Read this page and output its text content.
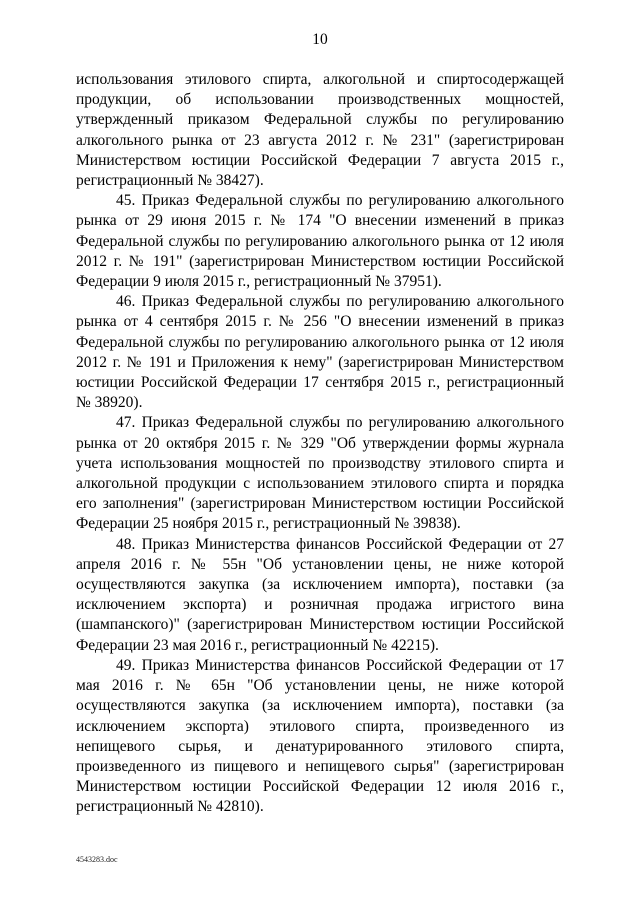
10

использования этилового спирта, алкогольной и спиртосодержащей продукции, об использовании производственных мощностей, утвержденный приказом Федеральной службы по регулированию алкогольного рынка от 23 августа 2012 г. № 231" (зарегистрирован Министерством юстиции Российской Федерации 7 августа 2015 г., регистрационный № 38427).

45. Приказ Федеральной службы по регулированию алкогольного рынка от 29 июня 2015 г. № 174 "О внесении изменений в приказ Федеральной службы по регулированию алкогольного рынка от 12 июля 2012 г. № 191" (зарегистрирован Министерством юстиции Российской Федерации 9 июля 2015 г., регистрационный № 37951).

46. Приказ Федеральной службы по регулированию алкогольного рынка от 4 сентября 2015 г. № 256 "О внесении изменений в приказ Федеральной службы по регулированию алкогольного рынка от 12 июля 2012 г. № 191 и Приложения к нему" (зарегистрирован Министерством юстиции Российской Федерации 17 сентября 2015 г., регистрационный № 38920).

47. Приказ Федеральной службы по регулированию алкогольного рынка от 20 октября 2015 г. № 329 "Об утверждении формы журнала учета использования мощностей по производству этилового спирта и алкогольной продукции с использованием этилового спирта и порядка его заполнения" (зарегистрирован Министерством юстиции Российской Федерации 25 ноября 2015 г., регистрационный № 39838).

48. Приказ Министерства финансов Российской Федерации от 27 апреля 2016 г. № 55н "Об установлении цены, не ниже которой осуществляются закупка (за исключением импорта), поставки (за исключением экспорта) и розничная продажа игристого вина (шампанского)" (зарегистрирован Министерством юстиции Российской Федерации 23 мая 2016 г., регистрационный № 42215).

49. Приказ Министерства финансов Российской Федерации от 17 мая 2016 г. № 65н "Об установлении цены, не ниже которой осуществляются закупка (за исключением импорта), поставки (за исключением экспорта) этилового спирта, произведенного из непищевого сырья, и денатурированного этилового спирта, произведенного из пищевого и непищевого сырья" (зарегистрирован Министерством юстиции Российской Федерации 12 июля 2016 г., регистрационный № 42810).

4543283.doc
